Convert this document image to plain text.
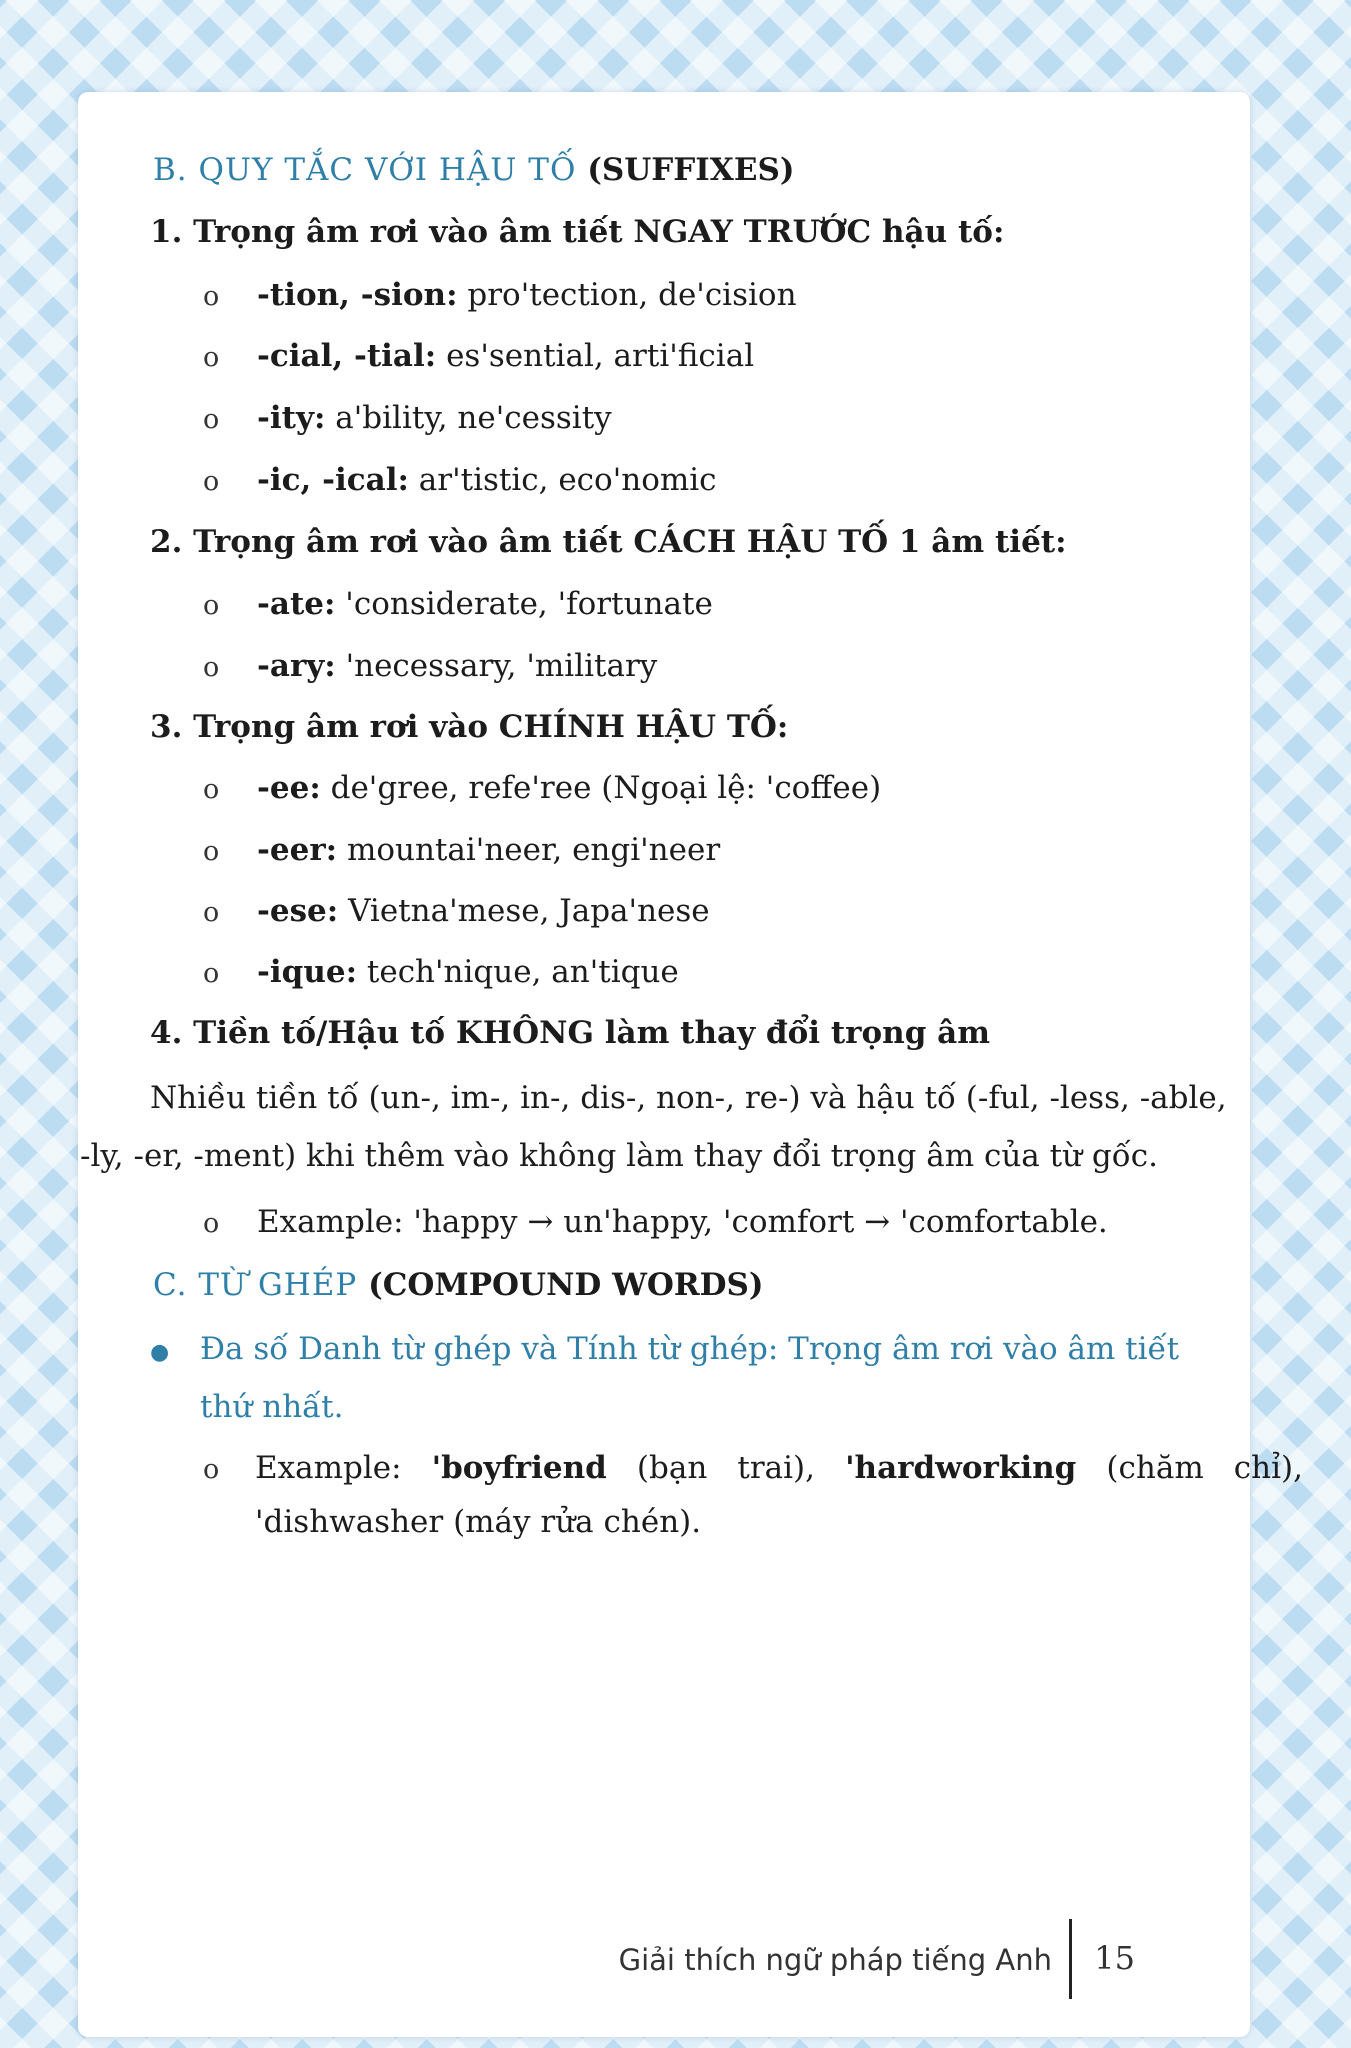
B. QUY TẮC VỚI HẬU TỐ (SUFFIXES)
1. Trọng âm rơi vào âm tiết NGAY TRƯỚC hậu tố:
o -tion, -sion: pro'tection, de'cision
o -cial, -tial: es'sential, arti'ficial
o -ity: a'bility, ne'cessity
o -ic, -ical: ar'tistic, eco'nomic
2. Trọng âm rơi vào âm tiết CÁCH HẬU TỐ 1 âm tiết:
o -ate: 'considerate, 'fortunate
o -ary: 'necessary, 'military
3. Trọng âm rơi vào CHÍNH HẬU TỐ:
o -ee: de'gree, refe'ree (Ngoại lệ: 'coffee)
o -eer: mountai'neer, engi'neer
o -ese: Vietna'mese, Japa'nese
o -ique: tech'nique, an'tique
4. Tiền tố/Hậu tố KHÔNG làm thay đổi trọng âm
Nhiều tiền tố (un-, im-, in-, dis-, non-, re-) và hậu tố (-ful, -less, -able,
-ly, -er, -ment) khi thêm vào không làm thay đổi trọng âm của từ gốc.
o Example: 'happy → un'happy, 'comfort → 'comfortable.
C. TỪ GHÉP (COMPOUND WORDS)
● Đa số Danh từ ghép và Tính từ ghép: Trọng âm rơi vào âm tiết
thứ nhất.
o Example: 'boyfriend (bạn trai), 'hardworking (chăm chỉ),
'dishwasher (máy rửa chén).
Giải thích ngữ pháp tiếng Anh 15
